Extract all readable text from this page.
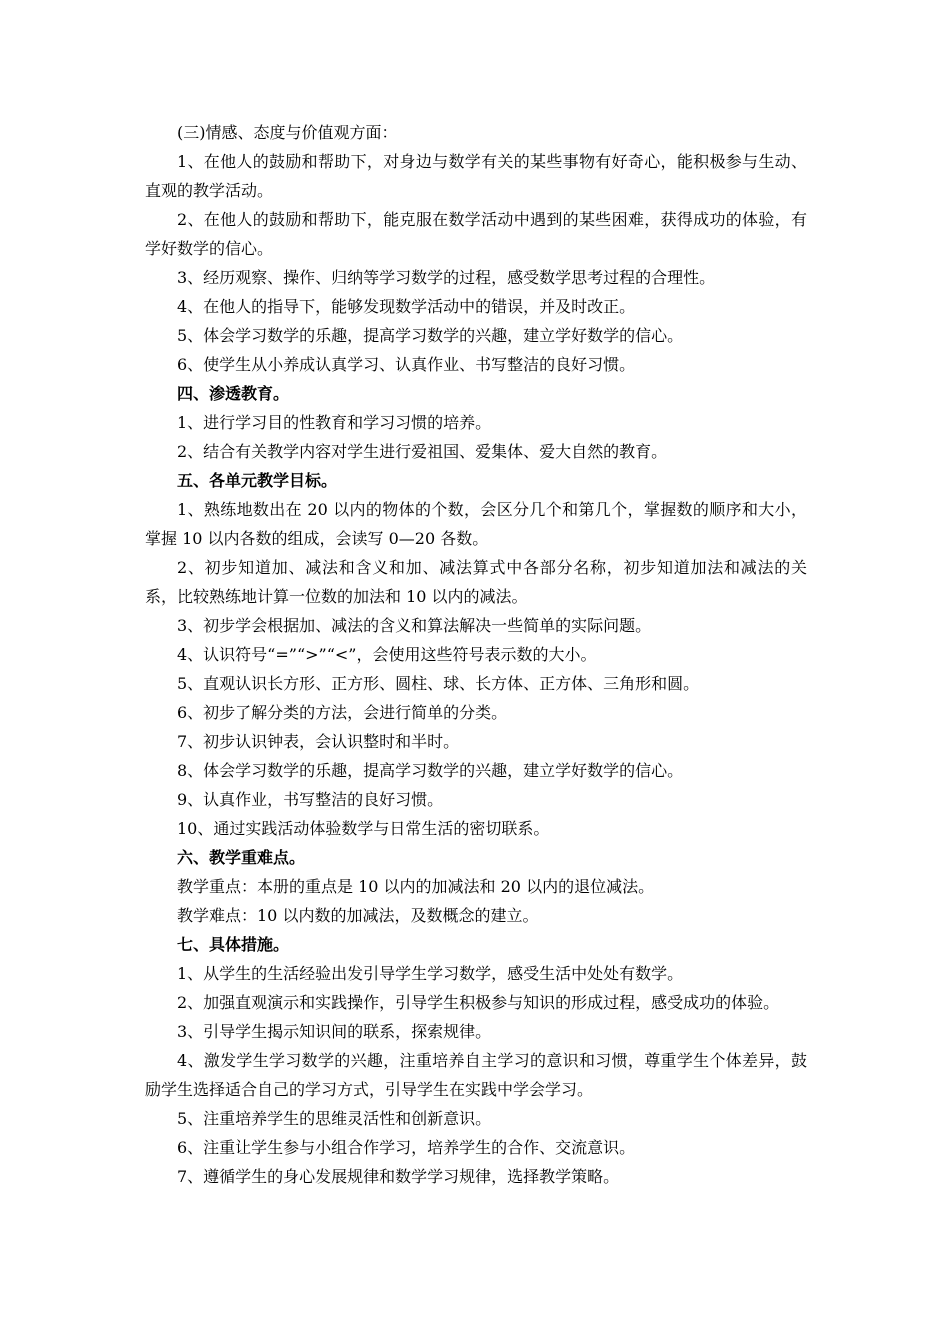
(三)情感、态度与价值观方面：

1、在他人的鼓励和帮助下，对身边与数学有关的某些事物有好奇心，能积极参与生动、直观的教学活动。

2、在他人的鼓励和帮助下，能克服在数学活动中遇到的某些困难，获得成功的体验，有学好数学的信心。

3、经历观察、操作、归纳等学习数学的过程，感受数学思考过程的合理性。

4、在他人的指导下，能够发现数学活动中的错误，并及时改正。

5、体会学习数学的乐趣，提高学习数学的兴趣，建立学好数学的信心。

6、使学生从小养成认真学习、认真作业、书写整洁的良好习惯。

四、渗透教育。

1、进行学习目的性教育和学习习惯的培养。

2、结合有关教学内容对学生进行爱祖国、爱集体、爱大自然的教育。

五、各单元教学目标。

1、熟练地数出在 20 以内的物体的个数，会区分几个和第几个，掌握数的顺序和大小，掌握 10 以内各数的组成，会读写 0—20 各数。

2、初步知道加、减法和含义和加、减法算式中各部分名称，初步知道加法和减法的关系，比较熟练地计算一位数的加法和 10 以内的减法。

3、初步学会根据加、减法的含义和算法解决一些简单的实际问题。

4、认识符号“=”“>”“<”，会使用这些符号表示数的大小。

5、直观认识长方形、正方形、圆柱、球、长方体、正方体、三角形和圆。

6、初步了解分类的方法，会进行简单的分类。

7、初步认识钟表，会认识整时和半时。

8、体会学习数学的乐趣，提高学习数学的兴趣，建立学好数学的信心。

9、认真作业，书写整洁的良好习惯。

10、通过实践活动体验数学与日常生活的密切联系。

六、教学重难点。

教学重点：本册的重点是 10 以内的加减法和 20 以内的退位减法。

教学难点：10 以内数的加减法，及数概念的建立。

七、具体措施。

1、从学生的生活经验出发引导学生学习数学，感受生活中处处有数学。

2、加强直观演示和实践操作，引导学生积极参与知识的形成过程，感受成功的体验。

3、引导学生揭示知识间的联系，探索规律。

4、激发学生学习数学的兴趣，注重培养自主学习的意识和习惯，尊重学生个体差异，鼓励学生选择适合自己的学习方式，引导学生在实践中学会学习。

5、注重培养学生的思维灵活性和创新意识。

6、注重让学生参与小组合作学习，培养学生的合作、交流意识。

7、遵循学生的身心发展规律和数学学习规律，选择教学策略。
